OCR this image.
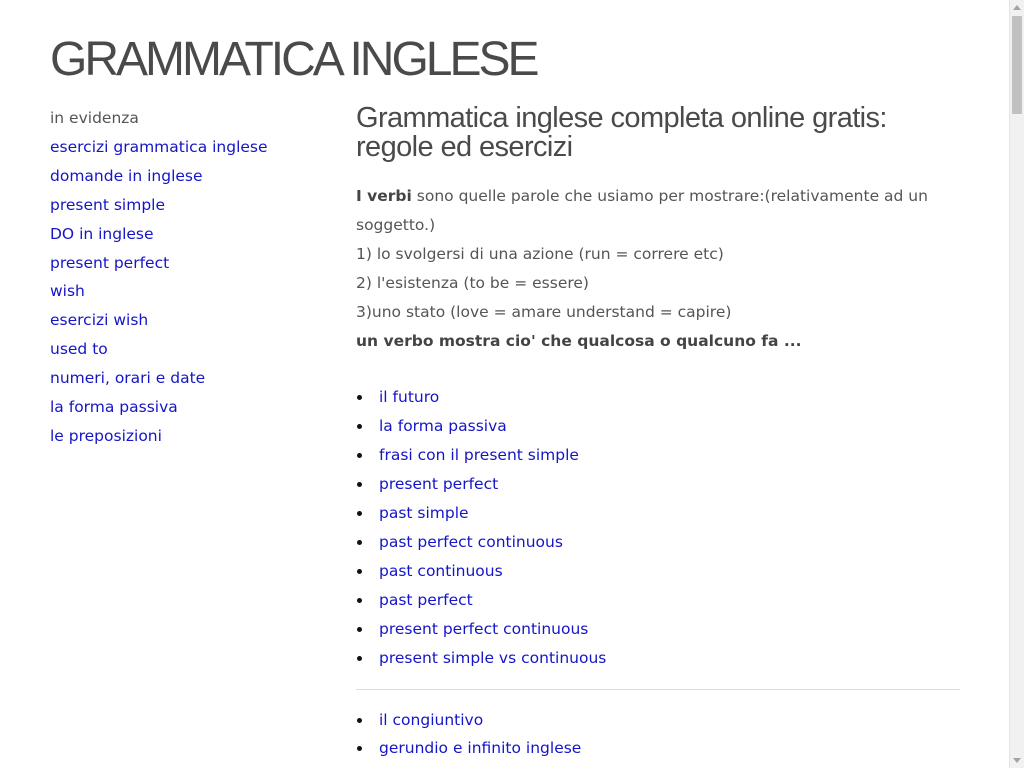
GRAMMATICA INGLESE
in evidenza
esercizi grammatica inglese
domande in inglese
present simple
DO in inglese
present perfect
wish
esercizi wish
used to
numeri, orari e date
la forma passiva
le preposizioni
Grammatica inglese completa online gratis: regole ed esercizi

I verbi sono quelle parole che usiamo per mostrare:(relativamente ad un soggetto.)

1) lo svolgersi di una azione (run = correre etc)

2) l'esistenza (to be = essere)

3)uno stato (love = amare understand = capire)

un verbo mostra cio' che qualcosa o qualcuno fa ...

il futuro
la forma passiva
frasi con il present simple
present perfect
past simple
past perfect continuous
past continuous
past perfect
present perfect continuous
present simple vs continuous
il congiuntivo
gerundio e infinito inglese
